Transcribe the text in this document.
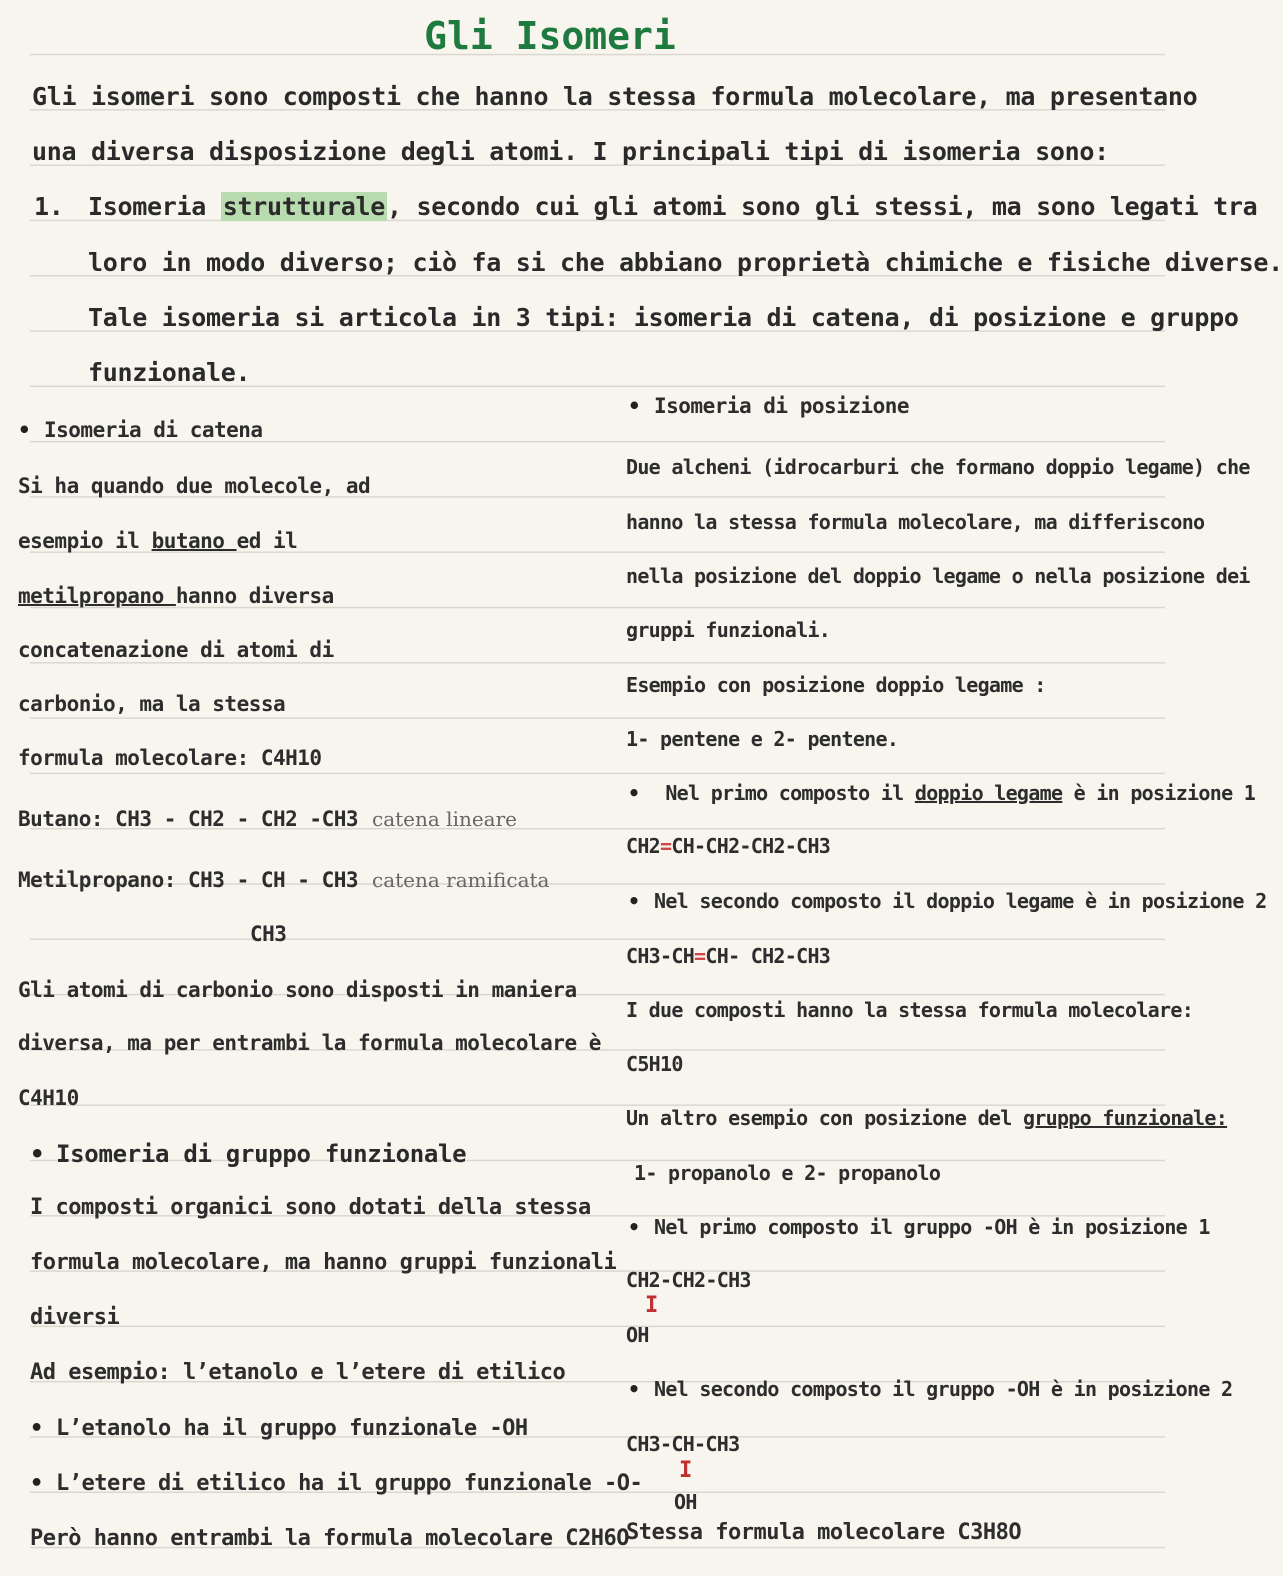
Gli Isomeri
Gli isomeri sono composti che hanno la stessa formula molecolare, ma presentano
una diversa disposizione degli atomi. I principali tipi di isomeria sono:
1. Isomeria strutturale, secondo cui gli atomi sono gli stessi, ma sono legati tra
loro in modo diverso; ciò fa si che abbiano proprietà chimiche e fisiche diverse.
Tale isomeria si articola in 3 tipi: isomeria di catena, di posizione e gruppo
funzionale.
• Isomeria di catena
Si ha quando due molecole, ad
esempio il butano ed il
metilpropano hanno diversa
concatenazione di atomi di
carbonio, ma la stessa
formula molecolare: C4H10
Butano: CH3 - CH2 - CH2 -CH3 catena lineare
Metilpropano: CH3 - CH - CH3 catena ramificata
CH3
Gli atomi di carbonio sono disposti in maniera
diversa, ma per entrambi la formula molecolare è
C4H10
• Isomeria di gruppo funzionale
I composti organici sono dotati della stessa
formula molecolare, ma hanno gruppi funzionali
diversi
Ad esempio: l’etanolo e l’etere di etilico
• L’etanolo ha il gruppo funzionale -OH
• L’etere di etilico ha il gruppo funzionale -O-
Però hanno entrambi la formula molecolare C2H6O
• Isomeria di posizione
Due alcheni (idrocarburi che formano doppio legame) che
hanno la stessa formula molecolare, ma differiscono
nella posizione del doppio legame o nella posizione dei
gruppi funzionali.
Esempio con posizione doppio legame :
1- pentene e 2- pentene.
• Nel primo composto il doppio legame è in posizione 1
CH2=CH-CH2-CH2-CH3
• Nel secondo composto il doppio legame è in posizione 2
CH3-CH=CH- CH2-CH3
I due composti hanno la stessa formula molecolare:
C5H10
Un altro esempio con posizione del gruppo funzionale:
1- propanolo e 2- propanolo
• Nel primo composto il gruppo -OH è in posizione 1
CH2-CH2-CH3
I
OH
• Nel secondo composto il gruppo -OH è in posizione 2
CH3-CH-CH3
I
OH
Stessa formula molecolare C3H8O
